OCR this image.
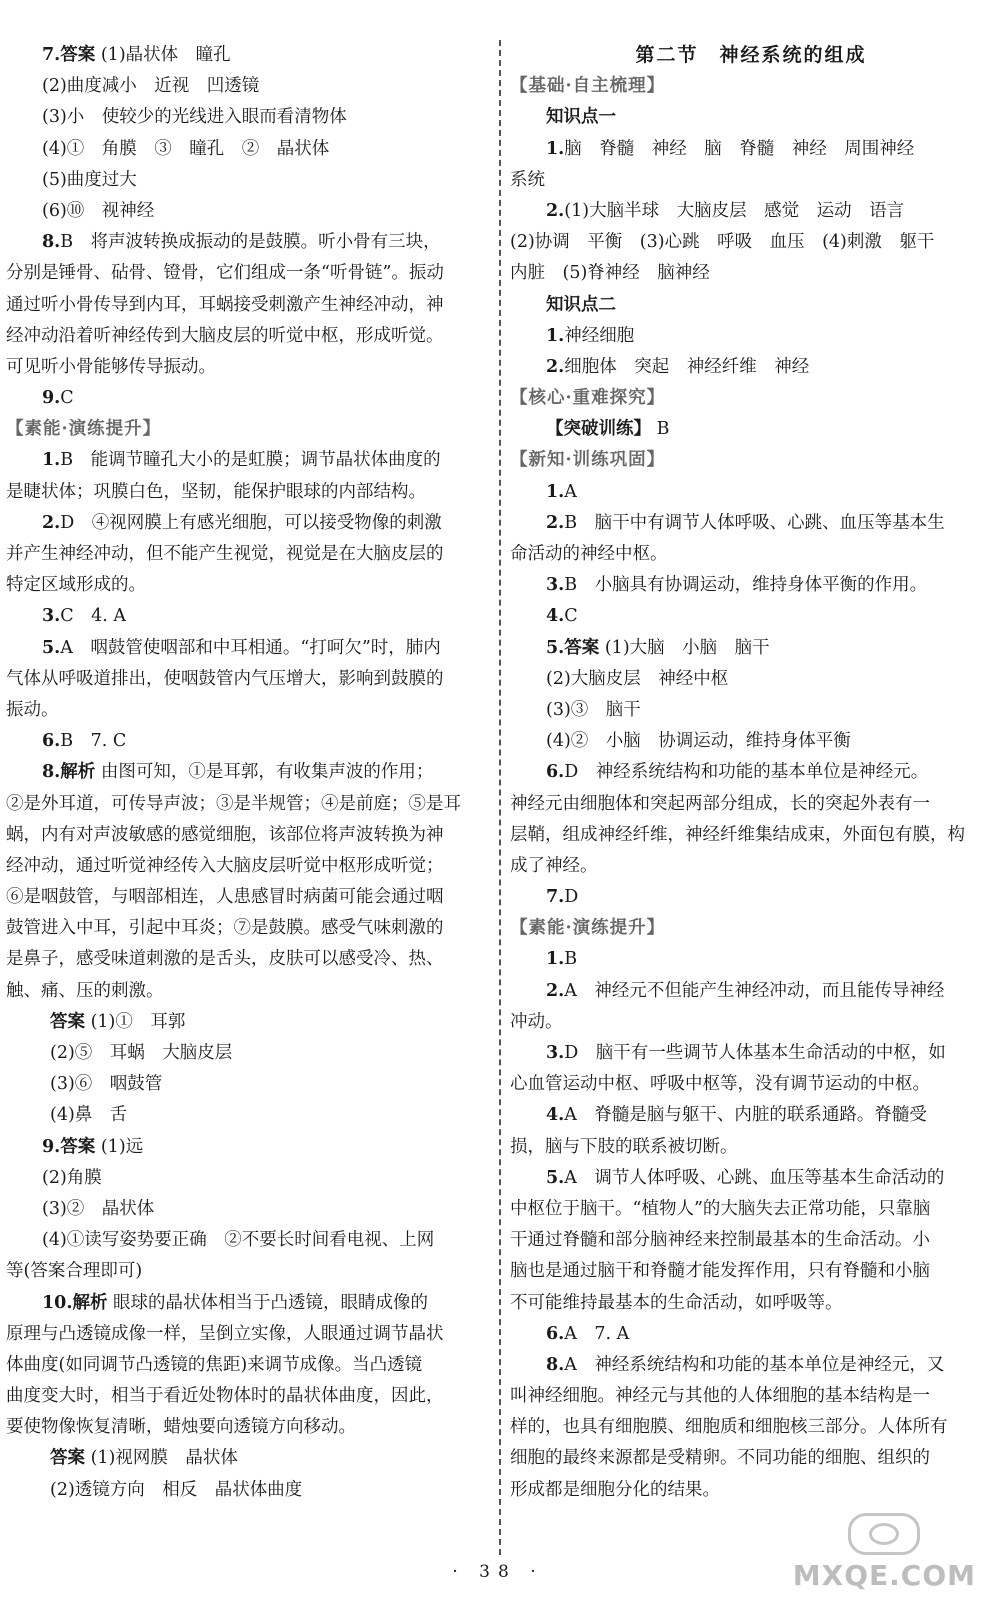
7.答案 (1)晶状体　瞳孔
(2)曲度减小　近视　凹透镜
(3)小　使较少的光线进入眼而看清物体
(4)①　角膜　③　瞳孔　②　晶状体
(5)曲度过大
(6)⑩　视神经
8.B　将声波转换成振动的是鼓膜。听小骨有三块，
分别是锤骨、砧骨、镫骨，它们组成一条“听骨链”。振动
通过听小骨传导到内耳，耳蜗接受刺激产生神经冲动，神
经冲动沿着听神经传到大脑皮层的听觉中枢，形成听觉。
可见听小骨能够传导振动。
9.C
【素能·演练提升】
1.B　能调节瞳孔大小的是虹膜；调节晶状体曲度的
是睫状体；巩膜白色，坚韧，能保护眼球的内部结构。
2.D　④视网膜上有感光细胞，可以接受物像的刺激
并产生神经冲动，但不能产生视觉，视觉是在大脑皮层的
特定区域形成的。
3.C　4. A
5.A　咽鼓管使咽部和中耳相通。“打呵欠”时，肺内
气体从呼吸道排出，使咽鼓管内气压增大，影响到鼓膜的
振动。
6.B　7. C
8.解析 由图可知，①是耳郭，有收集声波的作用；
②是外耳道，可传导声波；③是半规管；④是前庭；⑤是耳
蜗，内有对声波敏感的感觉细胞，该部位将声波转换为神
经冲动，通过听觉神经传入大脑皮层听觉中枢形成听觉；
⑥是咽鼓管，与咽部相连，人患感冒时病菌可能会通过咽
鼓管进入中耳，引起中耳炎；⑦是鼓膜。感受气味刺激的
是鼻子，感受味道刺激的是舌头，皮肤可以感受冷、热、
触、痛、压的刺激。
答案 (1)①　耳郭
(2)⑤　耳蜗　大脑皮层
(3)⑥　咽鼓管
(4)鼻　舌
9.答案 (1)远
(2)角膜
(3)②　晶状体
(4)①读写姿势要正确　②不要长时间看电视、上网
等(答案合理即可)
10.解析 眼球的晶状体相当于凸透镜，眼睛成像的
原理与凸透镜成像一样，呈倒立实像，人眼通过调节晶状
体曲度(如同调节凸透镜的焦距)来调节成像。当凸透镜
曲度变大时，相当于看近处物体时的晶状体曲度，因此，
要使物像恢复清晰，蜡烛要向透镜方向移动。
答案 (1)视网膜　晶状体
(2)透镜方向　相反　晶状体曲度
第二节　神经系统的组成
【基础·自主梳理】
知识点一
1.脑　脊髓　神经　脑　脊髓　神经　周围神经
系统
2.(1)大脑半球　大脑皮层　感觉　运动　语言
(2)协调　平衡　(3)心跳　呼吸　血压　(4)刺激　躯干
内脏　(5)脊神经　脑神经
知识点二
1.神经细胞
2.细胞体　突起　神经纤维　神经
【核心·重难探究】
【突破训练】 B
【新知·训练巩固】
1.A
2.B　脑干中有调节人体呼吸、心跳、血压等基本生
命活动的神经中枢。
3.B　小脑具有协调运动，维持身体平衡的作用。
4.C
5.答案 (1)大脑　小脑　脑干
(2)大脑皮层　神经中枢
(3)③　脑干
(4)②　小脑　协调运动，维持身体平衡
6.D　神经系统结构和功能的基本单位是神经元。
神经元由细胞体和突起两部分组成，长的突起外表有一
层鞘，组成神经纤维，神经纤维集结成束，外面包有膜，构
成了神经。
7.D
【素能·演练提升】
1.B
2.A　神经元不但能产生神经冲动，而且能传导神经
冲动。
3.D　脑干有一些调节人体基本生命活动的中枢，如
心血管运动中枢、呼吸中枢等，没有调节运动的中枢。
4.A　脊髓是脑与躯干、内脏的联系通路。脊髓受
损，脑与下肢的联系被切断。
5.A　调节人体呼吸、心跳、血压等基本生命活动的
中枢位于脑干。“植物人”的大脑失去正常功能，只靠脑
干通过脊髓和部分脑神经来控制最基本的生命活动。小
脑也是通过脑干和脊髓才能发挥作用，只有脊髓和小脑
不可能维持最基本的生命活动，如呼吸等。
6.A　7. A
8.A　神经系统结构和功能的基本单位是神经元，又
叫神经细胞。神经元与其他的人体细胞的基本结构是一
样的，也具有细胞膜、细胞质和细胞核三部分。人体所有
细胞的最终来源都是受精卵。不同功能的细胞、组织的
形成都是细胞分化的结果。
· 38 ·	MXQE.COM
